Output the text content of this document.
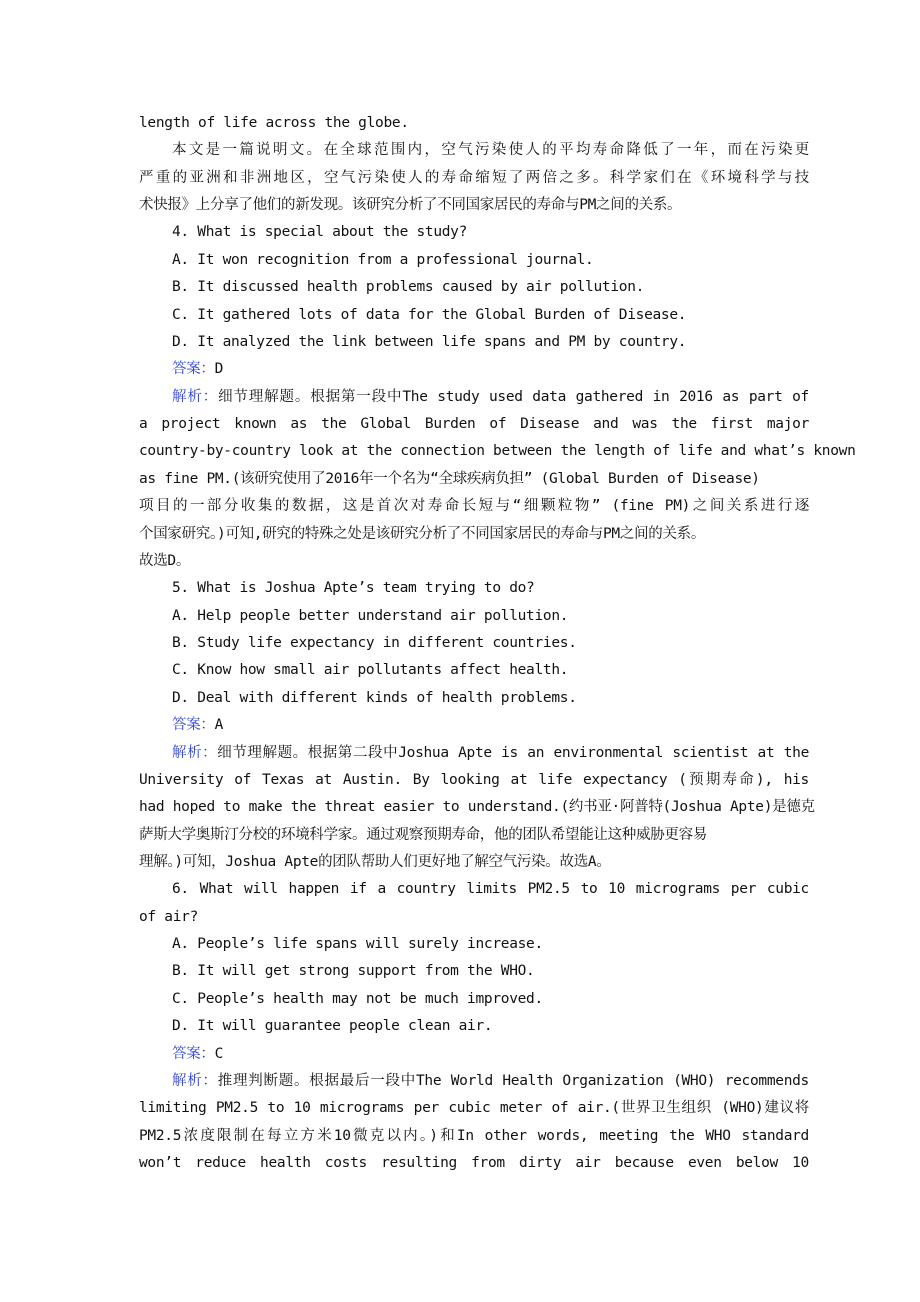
length of life across the globe.
本文是一篇说明文。在全球范围内，空气污染使人的平均寿命降低了一年，而在污染更
严重的亚洲和非洲地区，空气污染使人的寿命缩短了两倍之多。科学家们在《环境科学与技
术快报》上分享了他们的新发现。该研究分析了不同国家居民的寿命与PM之间的关系。
4. What is special about the study?
A. It won recognition from a professional journal.
B. It discussed health problems caused by air pollution.
C. It gathered lots of data for the Global Burden of Disease.
D. It analyzed the link between life spans and PM by country.
答案：D
解析：细节理解题。根据第一段中The study used data gathered in 2016 as part of
a project known as the Global Burden of Disease and was the first major
country-by-country look at the connection between the length of life and what’s known
as fine PM.(该研究使用了2016年一个名为“全球疾病负担” (Global Burden of Disease)
项目的一部分收集的数据，这是首次对寿命长短与“细颗粒物” (fine PM)之间关系进行逐
个国家研究。)可知,研究的特殊之处是该研究分析了不同国家居民的寿命与PM之间的关系。
故选D。
5. What is Joshua Apte’s team trying to do?
A. Help people better understand air pollution.
B. Study life expectancy in different countries.
C. Know how small air pollutants affect health.
D. Deal with different kinds of health problems.
答案：A
解析：细节理解题。根据第二段中Joshua Apte is an environmental scientist at the
University of Texas at Austin. By looking at life expectancy (预期寿命), his
had hoped to make the threat easier to understand.(约书亚·阿普特(Joshua Apte)是德克
萨斯大学奥斯汀分校的环境科学家。通过观察预期寿命，他的团队希望能让这种威胁更容易
理解。)可知，Joshua Apte的团队帮助人们更好地了解空气污染。故选A。
6. What will happen if a country limits PM2.5 to 10 micrograms per cubic
of air?
A. People’s life spans will surely increase.
B. It will get strong support from the WHO.
C. People’s health may not be much improved.
D. It will guarantee people clean air.
答案：C
解析：推理判断题。根据最后一段中The World Health Organization (WHO) recommends
limiting PM2.5 to 10 micrograms per cubic meter of air.(世界卫生组织 (WHO)建议将
PM2.5浓度限制在每立方米10微克以内。)和In other words, meeting the WHO standard
won’t reduce health costs resulting from dirty air because even below 10
